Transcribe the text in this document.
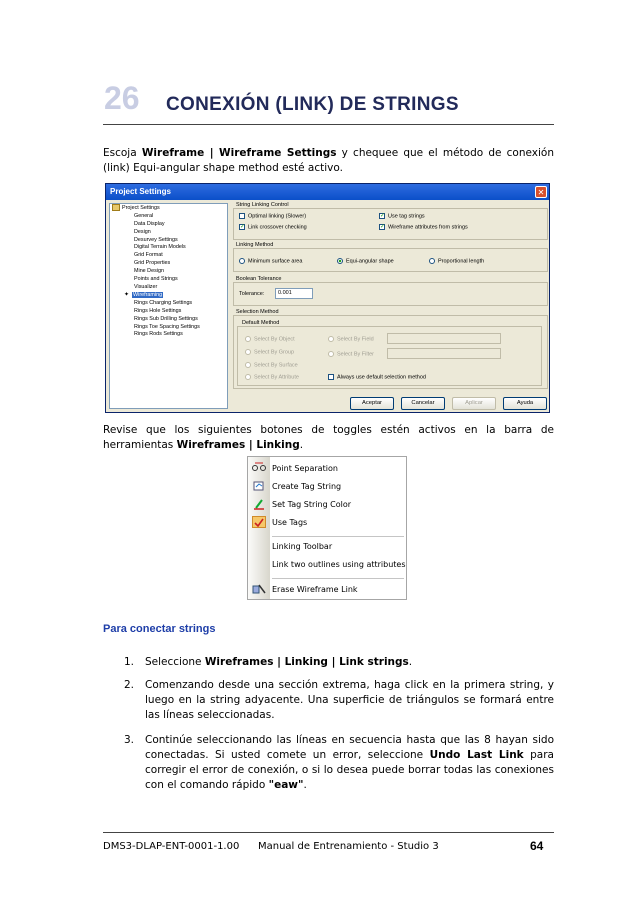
26 CONEXIÓN (LINK) DE STRINGS
Escoja Wireframe | Wireframe Settings y chequee que el método de conexión (link) Equi-angular shape method esté activo.
Project Settings	✕
Project Settings
General
Data Display
Design
Desurvey Settings
Digital Terrain Models
Grid Format
Grid Properties
Mine Design
Points and Strings
Visualizer
✦ Wireframing
Rings Charging Settings
Rings Hole Settings
Rings Sub Drilling Settings
Rings Toe Spacing Settings
Rings Rods Settings
String Linking Control
Optimal linking (Slower)
✓ Link crossover checking
✓ Use tag strings
✓ Wireframe attributes from strings
Linking Method
Minimum surface area	Equi-angular shape	Proportional length
Boolean Tolerance
Tolerance:	0.001
Selection Method
Default Method
Select By Object
Select By Group
Select By Surface
Select By Attribute
Select By Field
Select By Filter
Always use default selection method
Aceptar	Cancelar	Aplicar	Ayuda
Revise que los siguientes botones de toggles estén activos en la barra de herramientas Wireframes | Linking.
Point Separation
Create Tag String
Set Tag String Color
Use Tags
Linking Toolbar
Link two outlines using attributes
Erase Wireframe Link
Para conectar strings
1. Seleccione Wireframes | Linking | Link strings.
2. Comenzando desde una sección extrema, haga click en la primera string, y luego en la string adyacente. Una superficie de triángulos se formará entre las líneas seleccionadas.
3. Continúe seleccionando las líneas en secuencia hasta que las 8 hayan sido conectadas. Si usted comete un error, seleccione Undo Last Link para corregir el error de conexión, o si lo desea puede borrar todas las conexiones con el comando rápido "eaw".
DMS3-DLAP-ENT-0001-1.00 Manual de Entrenamiento - Studio 3	64
